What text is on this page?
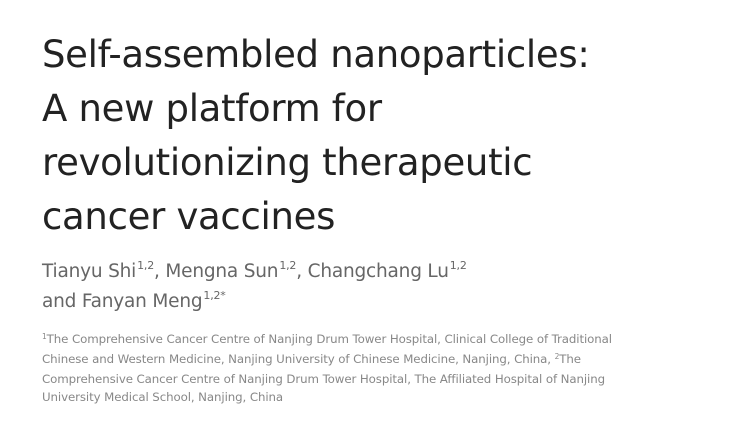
Self-assembled nanoparticles:
A new platform for
revolutionizing therapeutic
cancer vaccines
Tianyu Shi$^{1,2}$, Mengna Sun$^{1,2}$, Changchang Lu$^{1,2}$
and Fanyan Meng$^{1,2*}$
$^1$The Comprehensive Cancer Centre of Nanjing Drum Tower Hospital, Clinical College of Traditional
Chinese and Western Medicine, Nanjing University of Chinese Medicine, Nanjing, China, $^2$The
Comprehensive Cancer Centre of Nanjing Drum Tower Hospital, The Affiliated Hospital of Nanjing
University Medical School, Nanjing, China
